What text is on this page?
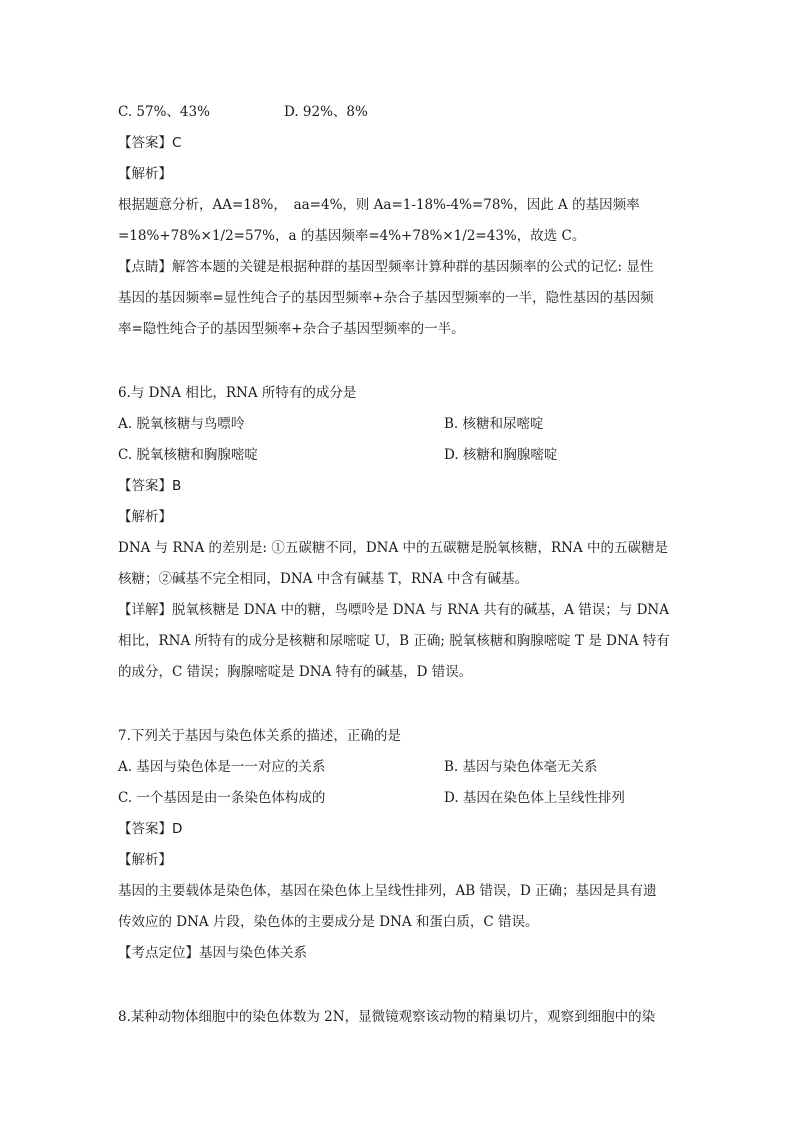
C. 57%、43%	D. 92%、8%
【答案】C
【解析】
根据题意分析，AA=18%，　aa=4%，则 Aa=1-18%-4%=78%，因此 A 的基因频率
=18%+78%×1/2=57%，a 的基因频率=4%+78%×1/2=43%，故选 C。
【点睛】解答本题的关键是根据种群的基因型频率计算种群的基因频率的公式的记忆: 显性
基因的基因频率=显性纯合子的基因型频率+杂合子基因型频率的一半，隐性基因的基因频
率=隐性纯合子的基因型频率+杂合子基因型频率的一半。
6.与 DNA 相比，RNA 所特有的成分是
A. 脱氧核糖与鸟嘌呤	B. 核糖和尿嘧啶
C. 脱氧核糖和胸腺嘧啶	D. 核糖和胸腺嘧啶
【答案】B
【解析】
DNA 与 RNA 的差别是: ①五碳糖不同，DNA 中的五碳糖是脱氧核糖，RNA 中的五碳糖是
核糖；②碱基不完全相同，DNA 中含有碱基 T，RNA 中含有碱基。
【详解】脱氧核糖是 DNA 中的糖，鸟嘌呤是 DNA 与 RNA 共有的碱基，A 错误；与 DNA
相比，RNA 所特有的成分是核糖和尿嘧啶 U，B 正确; 脱氧核糖和胸腺嘧啶 T 是 DNA 特有
的成分，C 错误；胸腺嘧啶是 DNA 特有的碱基，D 错误。
7.下列关于基因与染色体关系的描述，正确的是
A. 基因与染色体是一一对应的关系	B. 基因与染色体毫无关系
C. 一个基因是由一条染色体构成的	D. 基因在染色体上呈线性排列
【答案】D
【解析】
基因的主要载体是染色体，基因在染色体上呈线性排列，AB 错误，D 正确；基因是具有遗
传效应的 DNA 片段，染色体的主要成分是 DNA 和蛋白质，C 错误。
【考点定位】基因与染色体关系
8.某种动物体细胞中的染色体数为 2N，显微镜观察该动物的精巢切片，观察到细胞中的染
